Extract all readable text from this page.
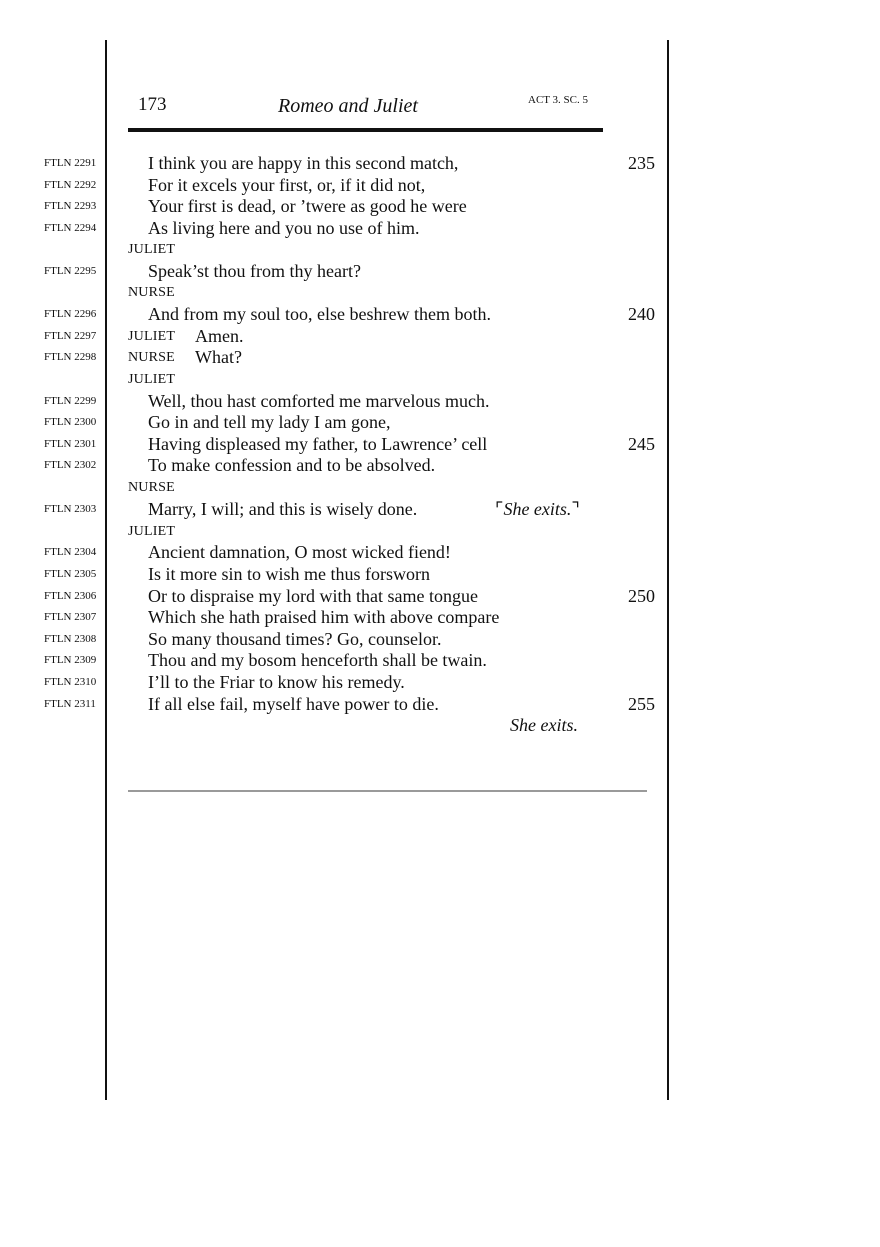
173	Romeo and Juliet	ACT 3. SC. 5
FTLN 2291	I think you are happy in this second match,	235
FTLN 2292	For it excels your first, or, if it did not,
FTLN 2293	Your first is dead, or ’twere as good he were
FTLN 2294	As living here and you no use of him.
JULIET
FTLN 2295	Speak’st thou from thy heart?
NURSE
FTLN 2296	And from my soul too, else beshrew them both.	240
FTLN 2297 JULIET Amen.
FTLN 2298 NURSE What?
JULIET
FTLN 2299	Well, thou hast comforted me marvelous much.
FTLN 2300	Go in and tell my lady I am gone,
FTLN 2301	Having displeased my father, to Lawrence’ cell	245
FTLN 2302	To make confession and to be absolved.
NURSE
FTLN 2303	Marry, I will; and this is wisely done.	⌜She exits.⌝
JULIET
FTLN 2304	Ancient damnation, O most wicked fiend!
FTLN 2305	Is it more sin to wish me thus forsworn
FTLN 2306	Or to dispraise my lord with that same tongue	250
FTLN 2307	Which she hath praised him with above compare
FTLN 2308	So many thousand times? Go, counselor.
FTLN 2309	Thou and my bosom henceforth shall be twain.
FTLN 2310	I’ll to the Friar to know his remedy.
FTLN 2311	If all else fail, myself have power to die.	255
She exits.
